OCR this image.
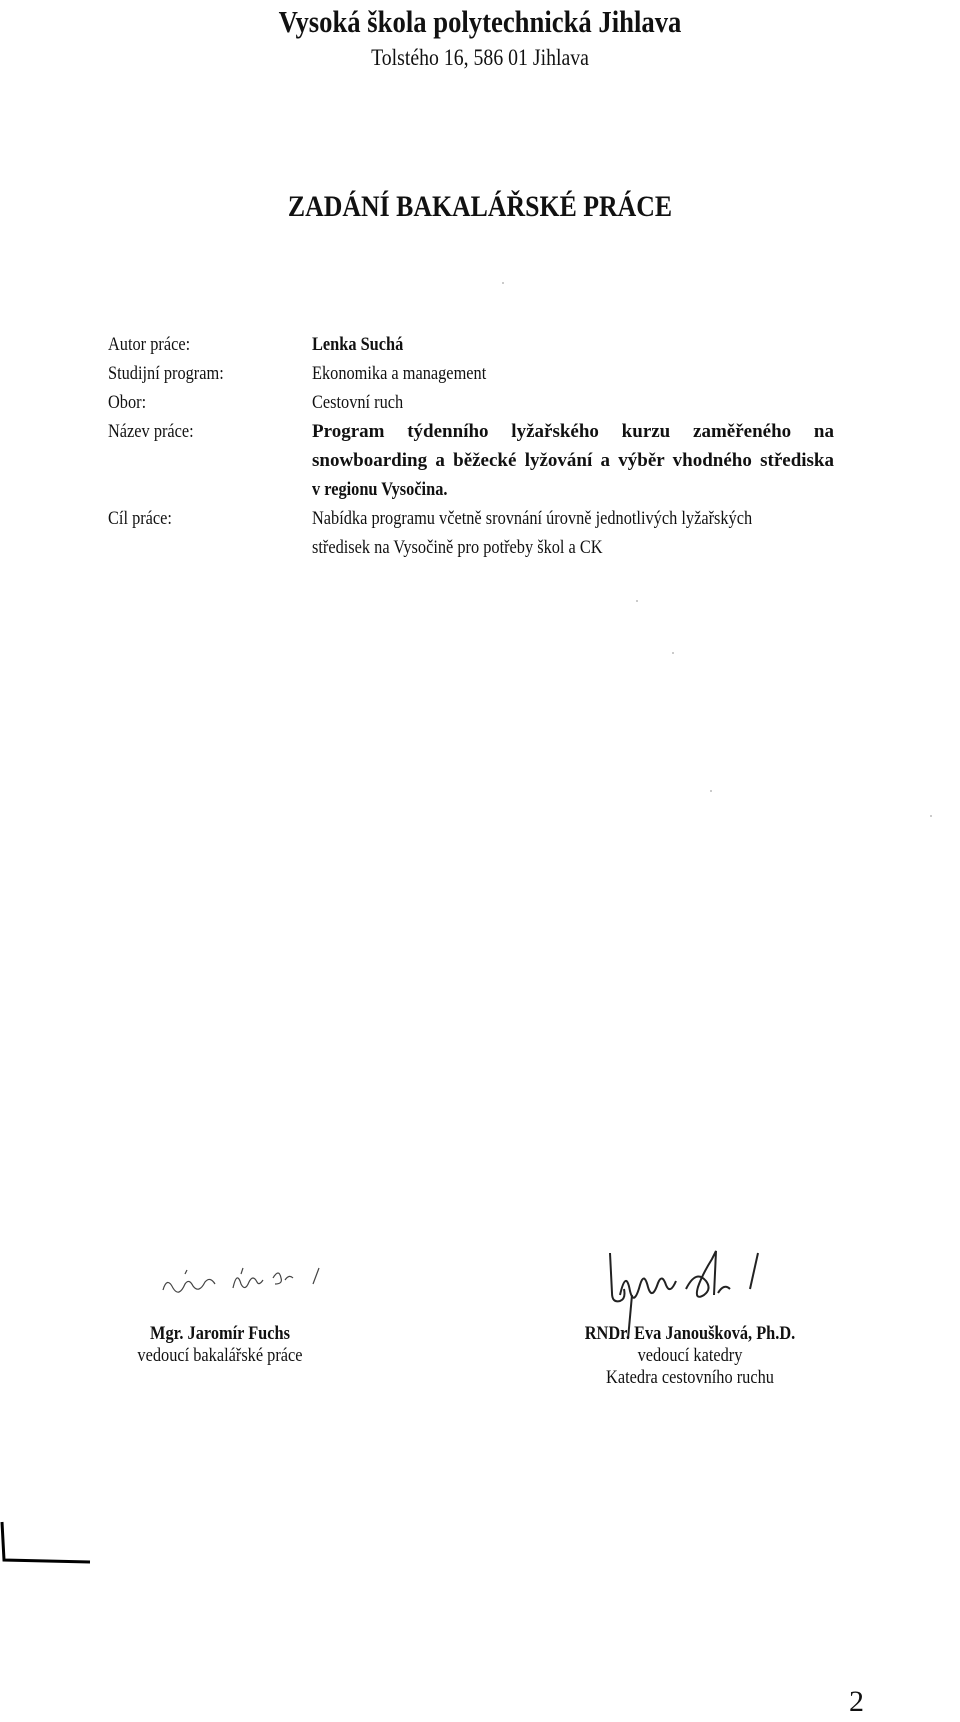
Vysoká škola polytechnická Jihlava
Tolstého 16, 586 01 Jihlava
ZADÁNÍ BAKALÁŘSKÉ PRÁCE
Autor práce:	Lenka Suchá
Studijní program:	Ekonomika a management
Obor:	Cestovní ruch
Název práce:	Program týdenního lyžařského kurzu zaměřeného na
snowboarding a běžecké lyžování a výběr vhodného střediska
v regionu Vysočina.
Cíl práce:	Nabídka programu včetně srovnání úrovně jednotlivých lyžařských
středisek na Vysočině pro potřeby škol a CK
Mgr. Jaromír Fuchs
vedoucí bakalářské práce
RNDr. Eva Janoušková, Ph.D.
vedoucí katedry
Katedra cestovního ruchu
2
